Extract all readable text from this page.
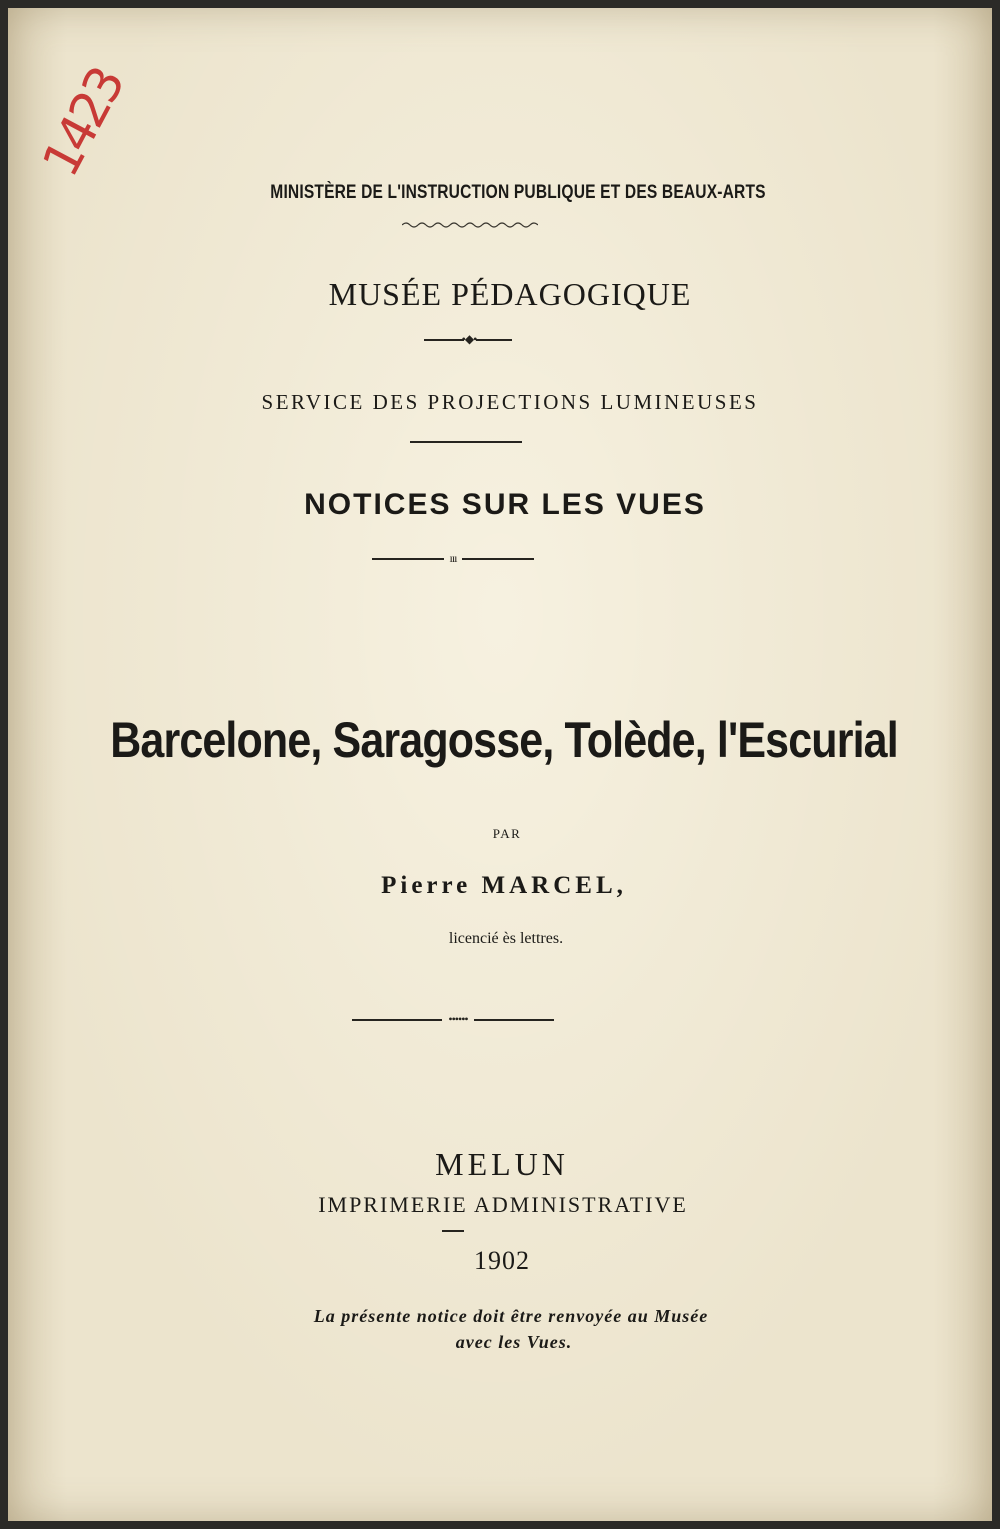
1423
MINISTÈRE DE L'INSTRUCTION PUBLIQUE ET DES BEAUX-ARTS
MUSÉE PÉDAGOGIQUE
•◆•
SERVICE DES PROJECTIONS LUMINEUSES
NOTICES SUR LES VUES
ııı
Barcelone, Saragosse, Tolède, l'Escurial
PAR
Pierre MARCEL,
licencié ès lettres.
••••••
MELUN
IMPRIMERIE ADMINISTRATIVE
1902
La présente notice doit être renvoyée au Musée
avec les Vues.
